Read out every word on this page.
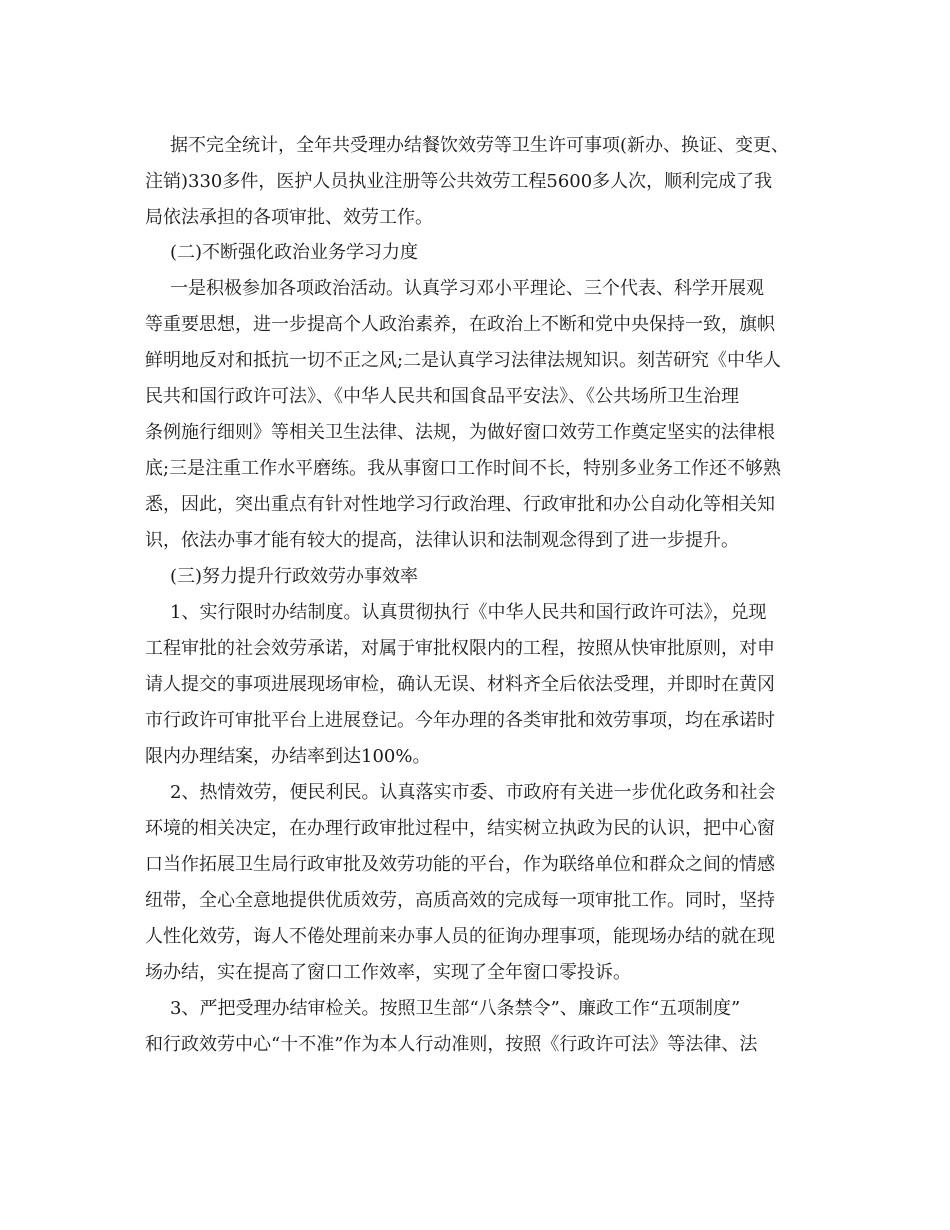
据不完全统计，全年共受理办结餐饮效劳等卫生许可事项(新办、换证、变更、
注销)330多件，医护人员执业注册等公共效劳工程5600多人次，顺利完成了我
局依法承担的各项审批、效劳工作。
(二)不断强化政治业务学习力度
一是积极参加各项政治活动。认真学习邓小平理论、三个代表、科学开展观
等重要思想，进一步提高个人政治素养，在政治上不断和党中央保持一致，旗帜
鲜明地反对和抵抗一切不正之风;二是认真学习法律法规知识。刻苦研究《中华人
民共和国行政许可法》、《中华人民共和国食品平安法》、《公共场所卫生治理
条例施行细则》等相关卫生法律、法规，为做好窗口效劳工作奠定坚实的法律根
底;三是注重工作水平磨练。我从事窗口工作时间不长，特别多业务工作还不够熟
悉，因此，突出重点有针对性地学习行政治理、行政审批和办公自动化等相关知
识，依法办事才能有较大的提高，法律认识和法制观念得到了进一步提升。
(三)努力提升行政效劳办事效率
1、实行限时办结制度。认真贯彻执行《中华人民共和国行政许可法》，兑现
工程审批的社会效劳承诺，对属于审批权限内的工程，按照从快审批原则，对申
请人提交的事项进展现场审检，确认无误、材料齐全后依法受理，并即时在黄冈
市行政许可审批平台上进展登记。今年办理的各类审批和效劳事项，均在承诺时
限内办理结案，办结率到达100%。
2、热情效劳，便民利民。认真落实市委、市政府有关进一步优化政务和社会
环境的相关决定，在办理行政审批过程中，结实树立执政为民的认识，把中心窗
口当作拓展卫生局行政审批及效劳功能的平台，作为联络单位和群众之间的情感
纽带，全心全意地提供优质效劳，高质高效的完成每一项审批工作。同时，坚持
人性化效劳，诲人不倦处理前来办事人员的征询办理事项，能现场办结的就在现
场办结，实在提高了窗口工作效率，实现了全年窗口零投诉。
3、严把受理办结审检关。按照卫生部“八条禁令”、廉政工作“五项制度”
和行政效劳中心“十不准”作为本人行动准则，按照《行政许可法》等法律、法
